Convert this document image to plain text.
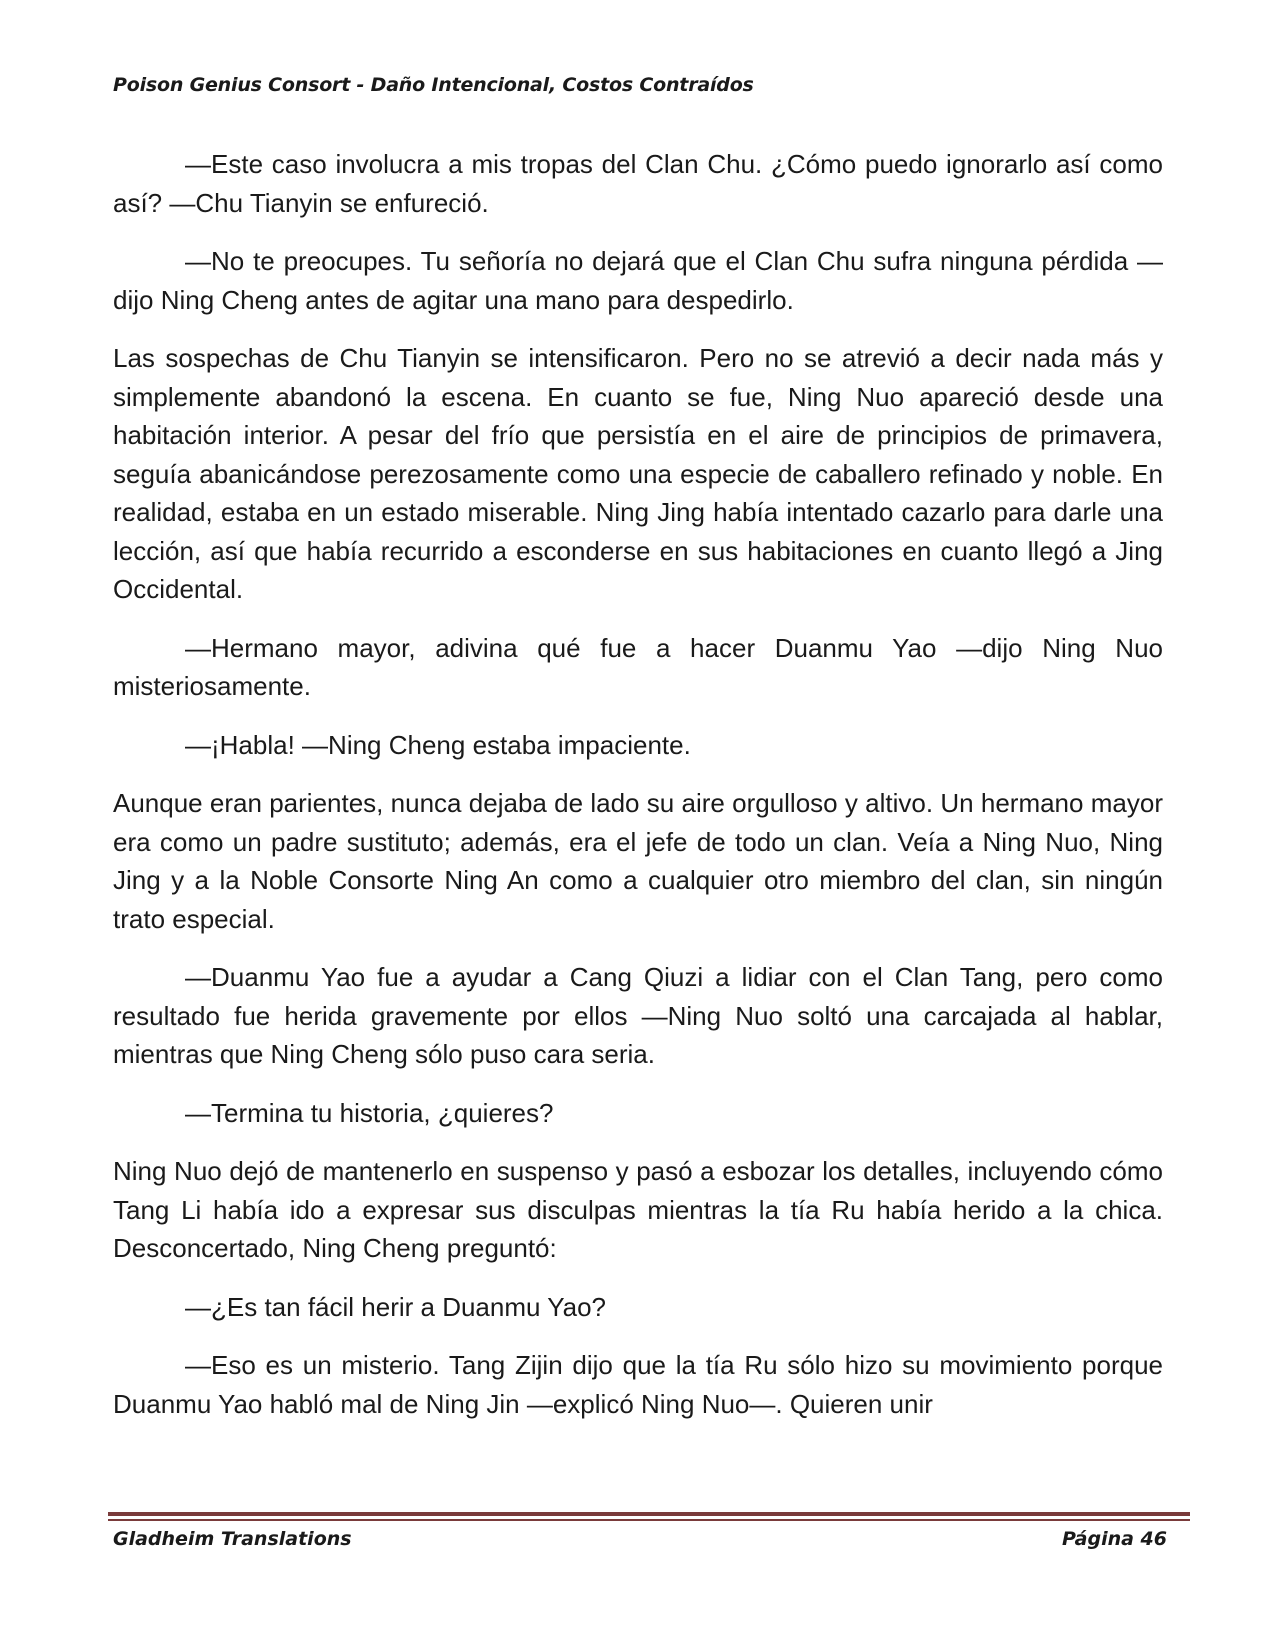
Poison Genius Consort - Daño Intencional, Costos Contraídos

—Este caso involucra a mis tropas del Clan Chu. ¿Cómo puedo ignorarlo así como así? —Chu Tianyin se enfureció.

—No te preocupes. Tu señoría no dejará que el Clan Chu sufra ninguna pérdida —dijo Ning Cheng antes de agitar una mano para despedirlo.

Las sospechas de Chu Tianyin se intensificaron. Pero no se atrevió a decir nada más y simplemente abandonó la escena. En cuanto se fue, Ning Nuo apareció desde una habitación interior. A pesar del frío que persistía en el aire de principios de primavera, seguía abanicándose perezosamente como una especie de caballero refinado y noble. En realidad, estaba en un estado miserable. Ning Jing había intentado cazarlo para darle una lección, así que había recurrido a esconderse en sus habitaciones en cuanto llegó a Jing Occidental.

—Hermano mayor, adivina qué fue a hacer Duanmu Yao —dijo Ning Nuo misteriosamente.

—¡Habla! —Ning Cheng estaba impaciente.

Aunque eran parientes, nunca dejaba de lado su aire orgulloso y altivo. Un hermano mayor era como un padre sustituto; además, era el jefe de todo un clan. Veía a Ning Nuo, Ning Jing y a la Noble Consorte Ning An como a cualquier otro miembro del clan, sin ningún trato especial.

—Duanmu Yao fue a ayudar a Cang Qiuzi a lidiar con el Clan Tang, pero como resultado fue herida gravemente por ellos —Ning Nuo soltó una carcajada al hablar, mientras que Ning Cheng sólo puso cara seria.

—Termina tu historia, ¿quieres?

Ning Nuo dejó de mantenerlo en suspenso y pasó a esbozar los detalles, incluyendo cómo Tang Li había ido a expresar sus disculpas mientras la tía Ru había herido a la chica. Desconcertado, Ning Cheng preguntó:

—¿Es tan fácil herir a Duanmu Yao?

—Eso es un misterio. Tang Zijin dijo que la tía Ru sólo hizo su movimiento porque Duanmu Yao habló mal de Ning Jin —explicó Ning Nuo—. Quieren unir

Gladheim Translations	Página 46
